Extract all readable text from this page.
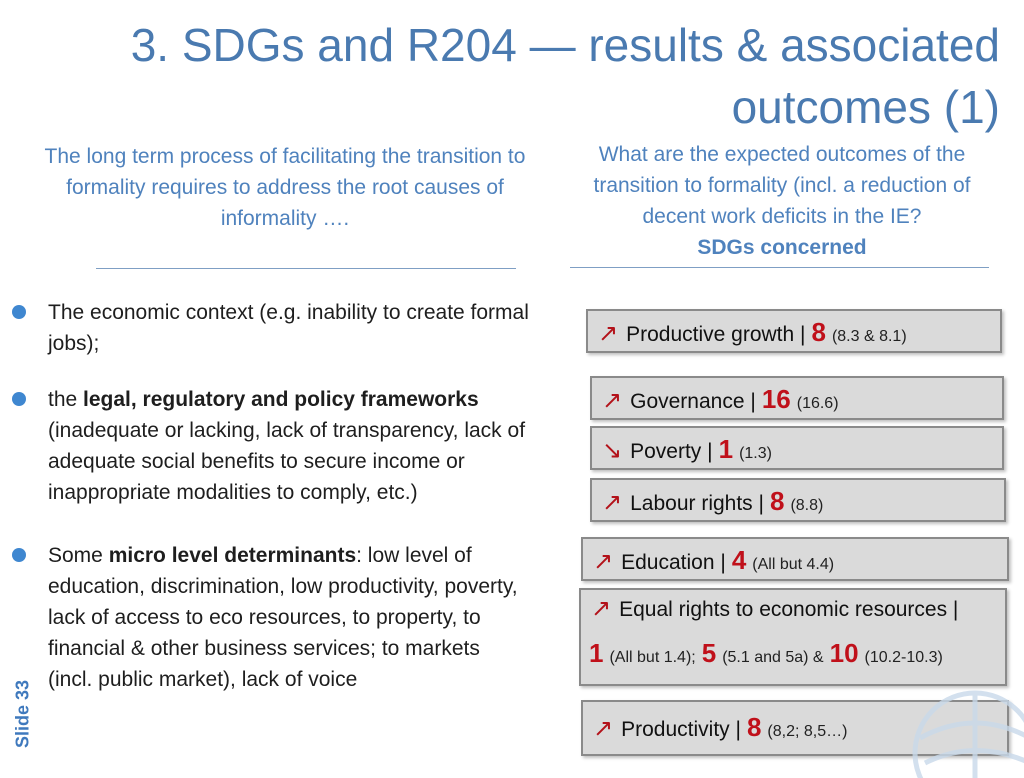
3. SDGs and R204 — results & associated outcomes (1)
The long term process of facilitating the transition to formality requires to address the root causes of informality ….
What are the expected outcomes of the transition to formality (incl. a reduction of decent work deficits in the IE?
SDGs concerned
The economic context (e.g. inability to create formal jobs);
the legal, regulatory and policy frameworks (inadequate or lacking, lack of transparency, lack of adequate social benefits to secure income or inappropriate modalities to comply, etc.)
Some micro level determinants: low level of education, discrimination, low productivity, poverty, lack of access to eco resources, to property, to financial & other business services; to markets (incl. public market), lack of voice
↗ Productive growth | 8 (8.3 & 8.1)
↗ Governance | 16 (16.6)
↘ Poverty | 1 (1.3)
↗ Labour rights | 8 (8.8)
↗ Education | 4 (All but 4.4)
↗ Equal rights to economic resources |
1 (All but 1.4); 5 (5.1 and 5a) & 10 (10.2-10.3)
↗ Productivity | 8 (8,2; 8,5…)
Slide 33
